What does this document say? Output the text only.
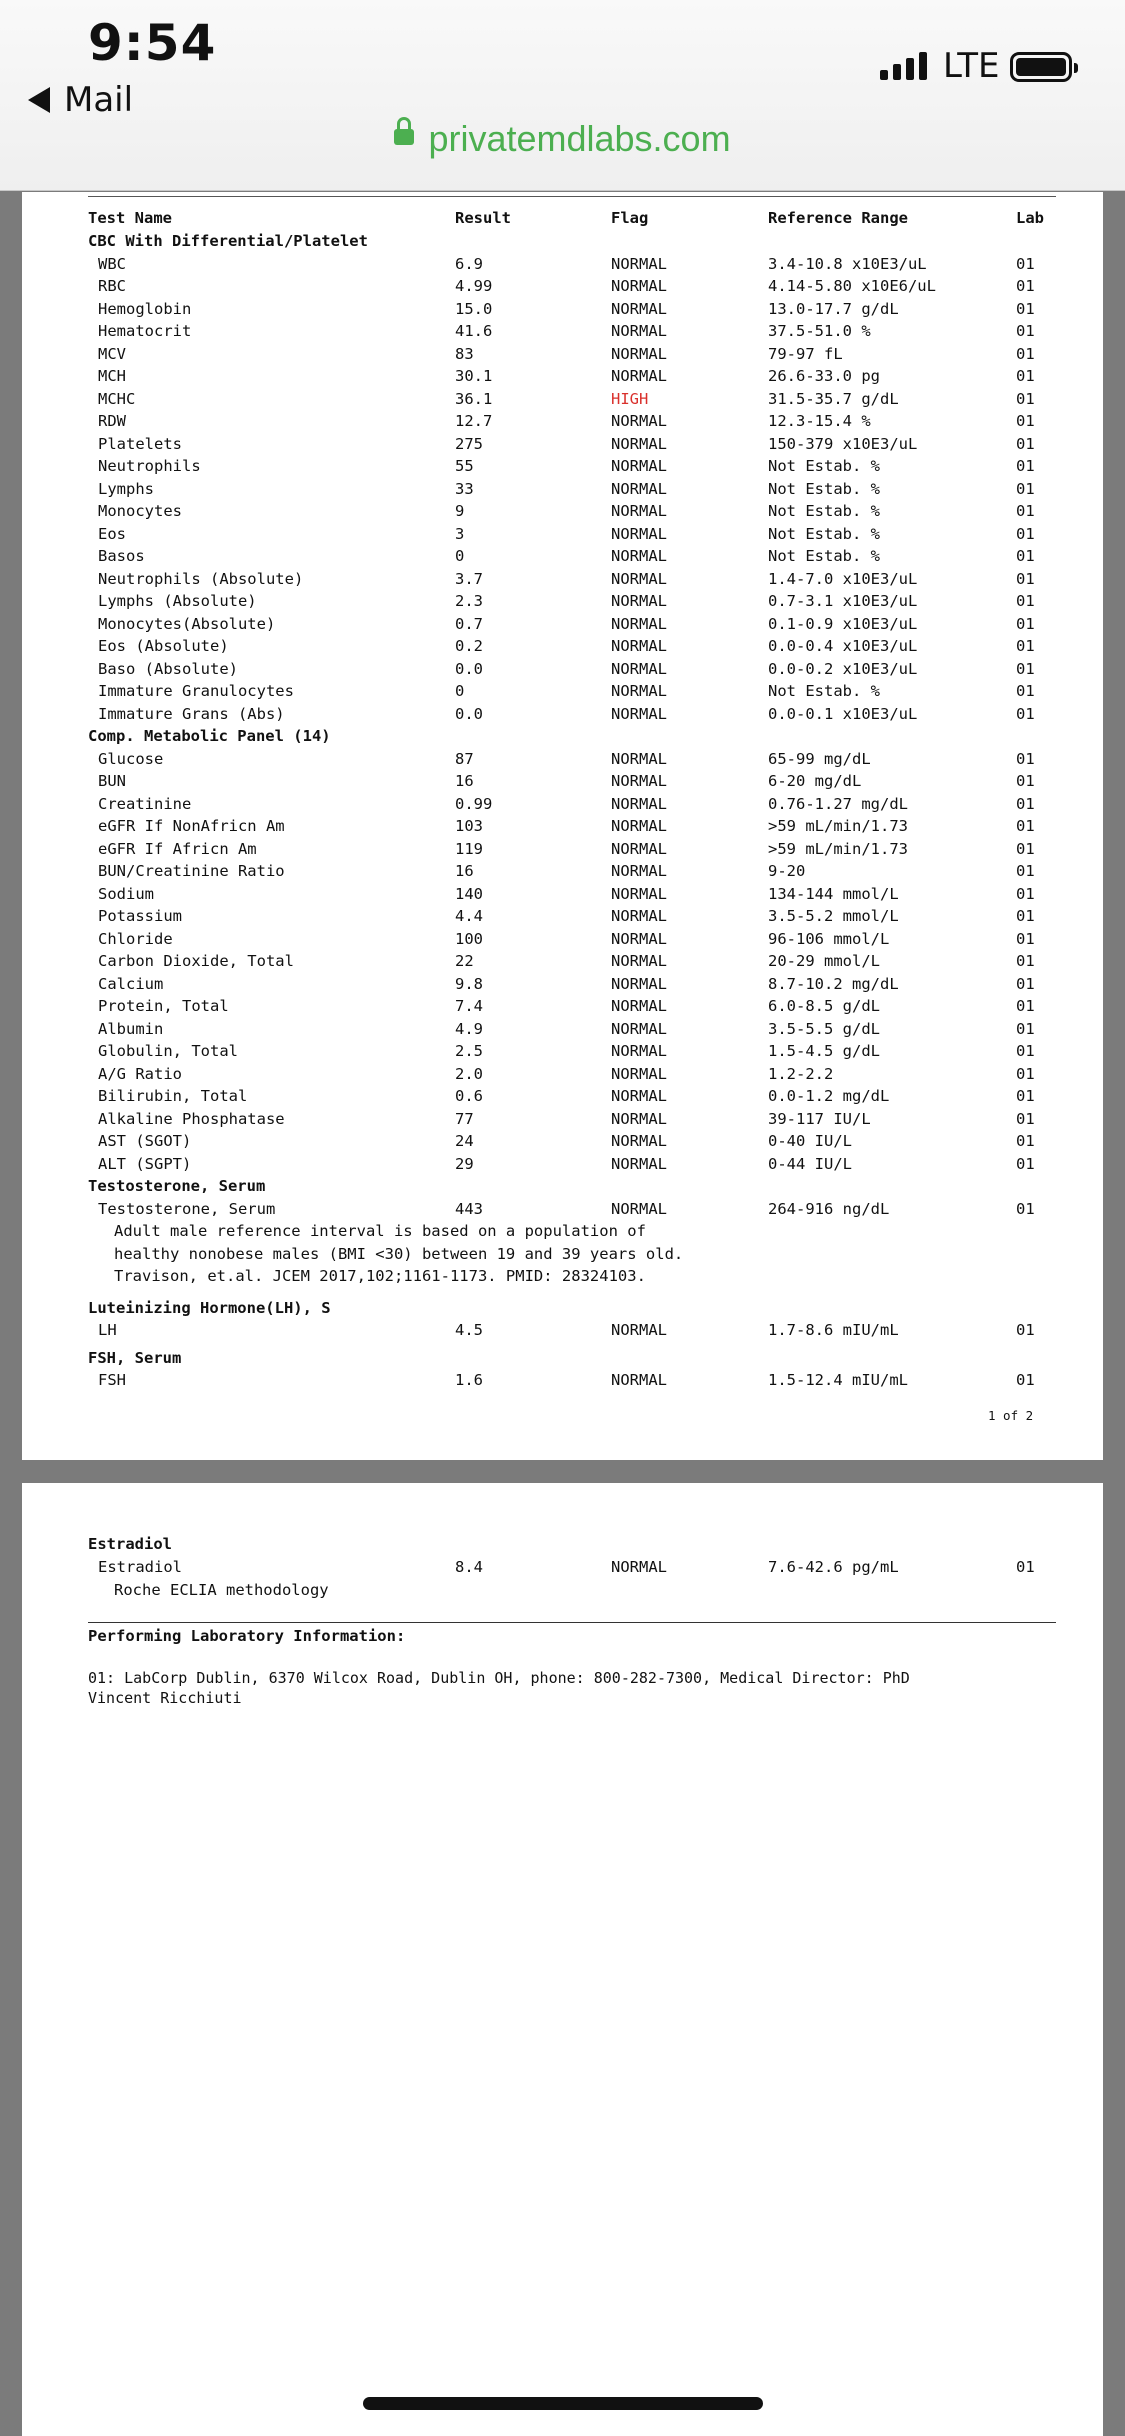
9:54
Mail
LTE
privatemdlabs.com
Test Name	Result	Flag	Reference Range	Lab
CBC With Differential/Platelet
WBC	6.9	NORMAL	3.4-10.8 x10E3/uL	01
RBC	4.99	NORMAL	4.14-5.80 x10E6/uL	01
Hemoglobin	15.0	NORMAL	13.0-17.7 g/dL	01
Hematocrit	41.6	NORMAL	37.5-51.0 %	01
MCV	83	NORMAL	79-97 fL	01
MCH	30.1	NORMAL	26.6-33.0 pg	01
MCHC	36.1	HIGH	31.5-35.7 g/dL	01
RDW	12.7	NORMAL	12.3-15.4 %	01
Platelets	275	NORMAL	150-379 x10E3/uL	01
Neutrophils	55	NORMAL	Not Estab. %	01
Lymphs	33	NORMAL	Not Estab. %	01
Monocytes	9	NORMAL	Not Estab. %	01
Eos	3	NORMAL	Not Estab. %	01
Basos	0	NORMAL	Not Estab. %	01
Neutrophils (Absolute)	3.7	NORMAL	1.4-7.0 x10E3/uL	01
Lymphs (Absolute)	2.3	NORMAL	0.7-3.1 x10E3/uL	01
Monocytes(Absolute)	0.7	NORMAL	0.1-0.9 x10E3/uL	01
Eos (Absolute)	0.2	NORMAL	0.0-0.4 x10E3/uL	01
Baso (Absolute)	0.0	NORMAL	0.0-0.2 x10E3/uL	01
Immature Granulocytes	0	NORMAL	Not Estab. %	01
Immature Grans (Abs)	0.0	NORMAL	0.0-0.1 x10E3/uL	01
Comp. Metabolic Panel (14)
Glucose	87	NORMAL	65-99 mg/dL	01
BUN	16	NORMAL	6-20 mg/dL	01
Creatinine	0.99	NORMAL	0.76-1.27 mg/dL	01
eGFR If NonAfricn Am	103	NORMAL	>59 mL/min/1.73	01
eGFR If Africn Am	119	NORMAL	>59 mL/min/1.73	01
BUN/Creatinine Ratio	16	NORMAL	9-20	01
Sodium	140	NORMAL	134-144 mmol/L	01
Potassium	4.4	NORMAL	3.5-5.2 mmol/L	01
Chloride	100	NORMAL	96-106 mmol/L	01
Carbon Dioxide, Total	22	NORMAL	20-29 mmol/L	01
Calcium	9.8	NORMAL	8.7-10.2 mg/dL	01
Protein, Total	7.4	NORMAL	6.0-8.5 g/dL	01
Albumin	4.9	NORMAL	3.5-5.5 g/dL	01
Globulin, Total	2.5	NORMAL	1.5-4.5 g/dL	01
A/G Ratio	2.0	NORMAL	1.2-2.2	01
Bilirubin, Total	0.6	NORMAL	0.0-1.2 mg/dL	01
Alkaline Phosphatase	77	NORMAL	39-117 IU/L	01
AST (SGOT)	24	NORMAL	0-40 IU/L	01
ALT (SGPT)	29	NORMAL	0-44 IU/L	01
Testosterone, Serum
Testosterone, Serum	443	NORMAL	264-916 ng/dL	01
Adult male reference interval is based on a population of
healthy nonobese males (BMI <30) between 19 and 39 years old.
Travison, et.al. JCEM 2017,102;1161-1173. PMID: 28324103.
Luteinizing Hormone(LH), S
LH	4.5	NORMAL	1.7-8.6 mIU/mL	01
FSH, Serum
FSH	1.6	NORMAL	1.5-12.4 mIU/mL	01
1 of 2
Estradiol
Estradiol	8.4	NORMAL	7.6-42.6 pg/mL	01
Roche ECLIA methodology
Performing Laboratory Information:
01: LabCorp Dublin, 6370 Wilcox Road, Dublin OH, phone: 800-282-7300, Medical Director: PhD
Vincent Ricchiuti
